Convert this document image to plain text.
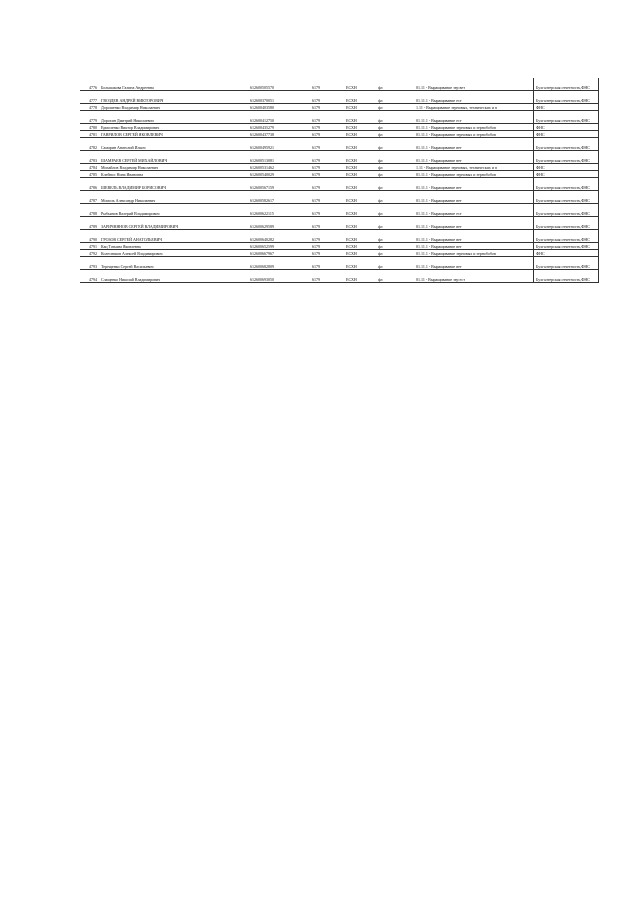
4776	Большакова Галина Андреевна	612600505570	6179	ЕСХН	фл	01.11 - Выращивание зер вет	Бухгалтерская отчетность,ФНС
4777	ГВОЗДЕВ АНДРЕЙ ВИКТОРОВИЧ	612600370051	6179	ЕСХН	фл	01.11.1 - Выращивание ест	Бухгалтерская отчетность,ФНС
4778	Дорошенко Владимир Николаевич	612600403580	6179	ЕСХН	фл	1.11 - Выращивание зерновых, технических и п	ФНС
4779	Дорохин Дмитрий Николаевич	612600412750	6179	ЕСХН	фл	01.11.1 - Выращивание ест	Бухгалтерская отчетность,ФНС
4780	Ермоленко Виктор Владимирович	612600435279	6179	ЕСХН	фл	01.11.1 - Выращивание зерновых и зернобобов	ФНС
4781	ГАВРИЛОВ СЕРГЕЙ ЯКОВЛЕВИЧ	612600437738	6179	ЕСХН	фл	01.11.1 - Выращивание зерновых и зернобобов	ФНС
4782	Самарин Анатолий Ильич	612600495921	6179	ЕСХН	фл	01.11.1 - Выращивание вет	Бухгалтерская отчетность,ФНС
4783	ШАМРАЕВ СЕРГЕЙ МИХАЙЛОВИЧ	612600513081	6179	ЕСХН	фл	01.11.1 - Выращивание вет	Бухгалтерская отчетность,ФНС
4784	Михайлов Владимир Николаевич	612600531462	6179	ЕСХН	фл	1.11 - Выращивание зерновых, технических и п	ФНС
4785	Клейнос Нина Ивановна	612600540029	6179	ЕСХН	фл	01.11.1 - Выращивание зерновых и зернобобов	ФНС
4786	ШЕВЕЛЬ ВЛАДИМИР БОРИСОВИЧ	612600567159	6179	ЕСХН	фл	01.11.1 - Выращивание вет	Бухгалтерская отчетность,ФНС
4787	Момоль Александр Николаевич	612600582617	6179	ЕСХН	фл	01.11.1 - Выращивание вет	Бухгалтерская отчетность,ФНС
4788	Рыбьянов Валерий Владимирович	612600622115	6179	ЕСХН	фл	01.11.1 - Выращивание ест	Бухгалтерская отчетность,ФНС
4789	ЗАРИЧНЯНОВ СЕРГЕЙ ВЛАДИМИРОВИЧ	612600629589	6179	ЕСХН	фл	01.11.1 - Выращивание вет	Бухгалтерская отчетность,ФНС
4790	ГРОЗОВ СЕРГЕЙ АНАТОЛЬЕВИЧ	612600640282	6179	ЕСХН	фл	01.11.1 - Выращивание вет	Бухгалтерская отчетность,ФНС
4791	Кац Татьяна Яковлевна	612600652599	6179	ЕСХН	фл	01.11.1 - Выращивание вет	Бухгалтерская отчетность,ФНС
4792	Колесников Алексей Владимирович	612600667967	6179	ЕСХН	фл	01.11.1 - Выращивание зерновых и зернобобов	ФНС
4793	Терещенко Сергей Васильевич	612600682809	6179	ЕСХН	фл	01.11.1 - Выращивание вет	Бухгалтерская отчетность,ФНС
4794	Слащенко Николай Владимирович	612600693050	6179	ЕСХН	фл	01.11 - Выращивание зер ест	Бухгалтерская отчетность,ФНС
